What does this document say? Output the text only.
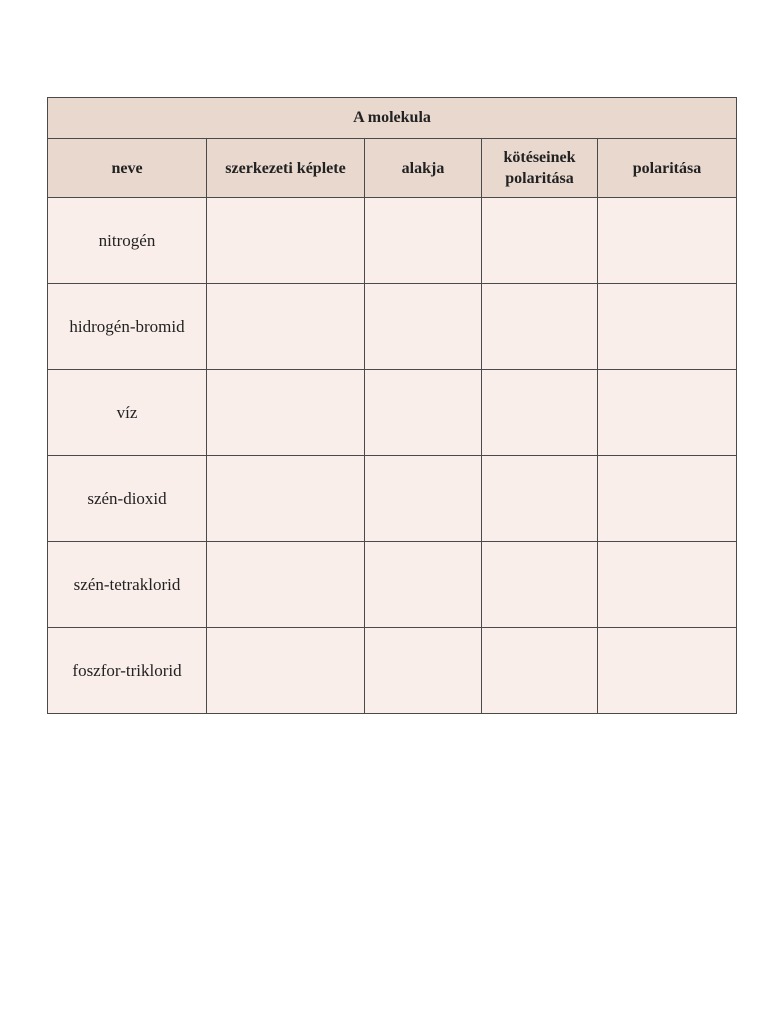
A molekula				
neve	szerkezeti képlete	alakja	kötéseinek polaritása	polaritása
nitrogén				
hidrogén-bromid				
víz				
szén-dioxid				
szén-tetraklorid				
foszfor-triklorid				
